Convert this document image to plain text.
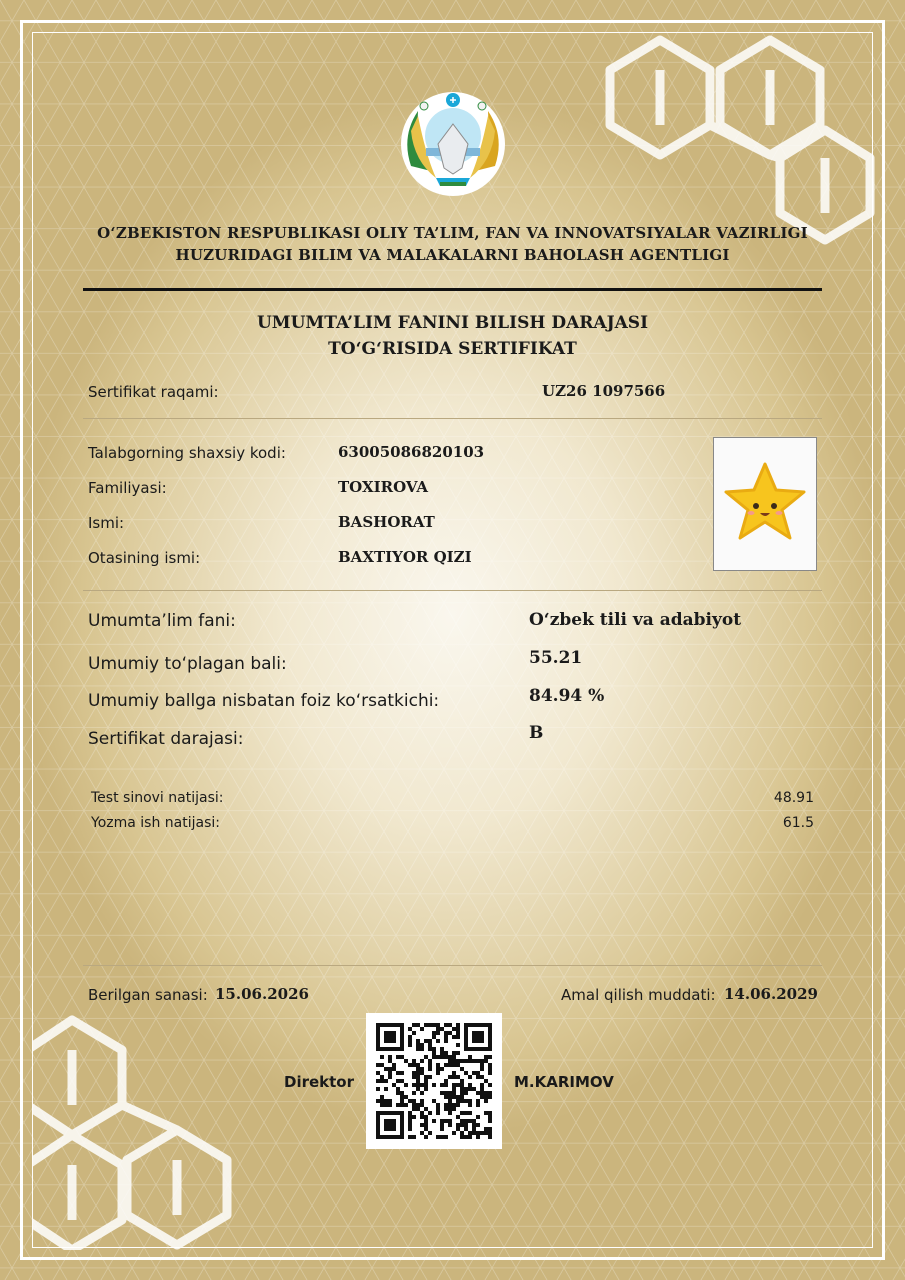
O‘ZBEKISTON RESPUBLIKASI OLIY TA’LIM, FAN VA INNOVATSIYALAR VAZIRLIGI
HUZURIDAGI BILIM VA MALAKALARNI BAHOLASH AGENTLIGI
UMUMTA’LIM FANINI BILISH DARAJASI
TO‘G‘RISIDA SERTIFIKAT
Sertifikat raqami:	UZ26 1097566
Talabgorning shaxsiy kodi:	63005086820103
Familiyasi:	TOXIROVA
Ismi:	BASHORAT
Otasining ismi:	BAXTIYOR QIZI
Umumta’lim fani:	O‘zbek tili va adabiyot
Umumiy to‘plagan bali:	55.21
Umumiy ballga nisbatan foiz ko‘rsatkichi:	84.94 %
Sertifikat darajasi:	B
Test sinovi natijasi:	48.91
Yozma ish natijasi:	61.5
Berilgan sanasi: 15.06.2026	Amal qilish muddati: 14.06.2029
Direktor	M.KARIMOV
